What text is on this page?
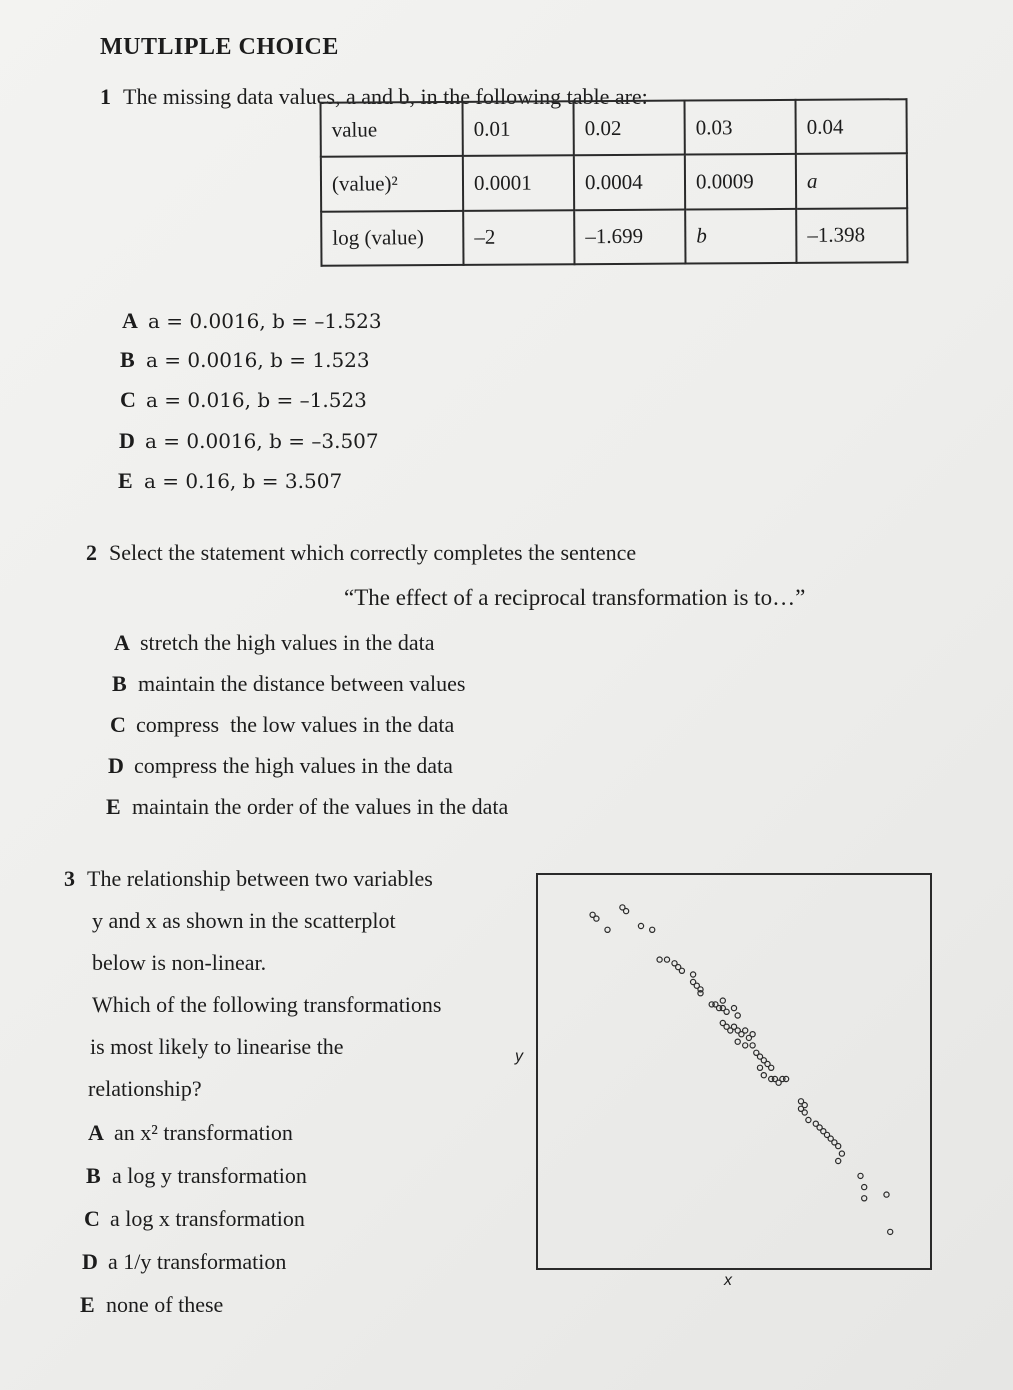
MUTLIPLE CHOICE
1 The missing data values, a and b, in the following table are:
value	0.01	0.02	0.03	0.04
(value)²	0.0001	0.0004	0.0009	a
log (value)	–2	–1.699	b	–1.398
A a = 0.0016, b = –1.523
B a = 0.0016, b = 1.523
C a = 0.016, b = –1.523
D a = 0.0016, b = –3.507
E a = 0.16, b = 3.507
2 Select the statement which correctly completes the sentence
“The effect of a reciprocal transformation is to…”
A stretch the high values in the data
B maintain the distance between values
C compress  the low values in the data
D compress the high values in the data
E maintain the order of the values in the data
3 The relationship between two variables
y and x as shown in the scatterplot
below is non-linear.
Which of the following transformations
is most likely to linearise the
relationship?
A an x² transformation
B a log y transformation
C a log x transformation
D a 1/y transformation
E none of these
y
x
